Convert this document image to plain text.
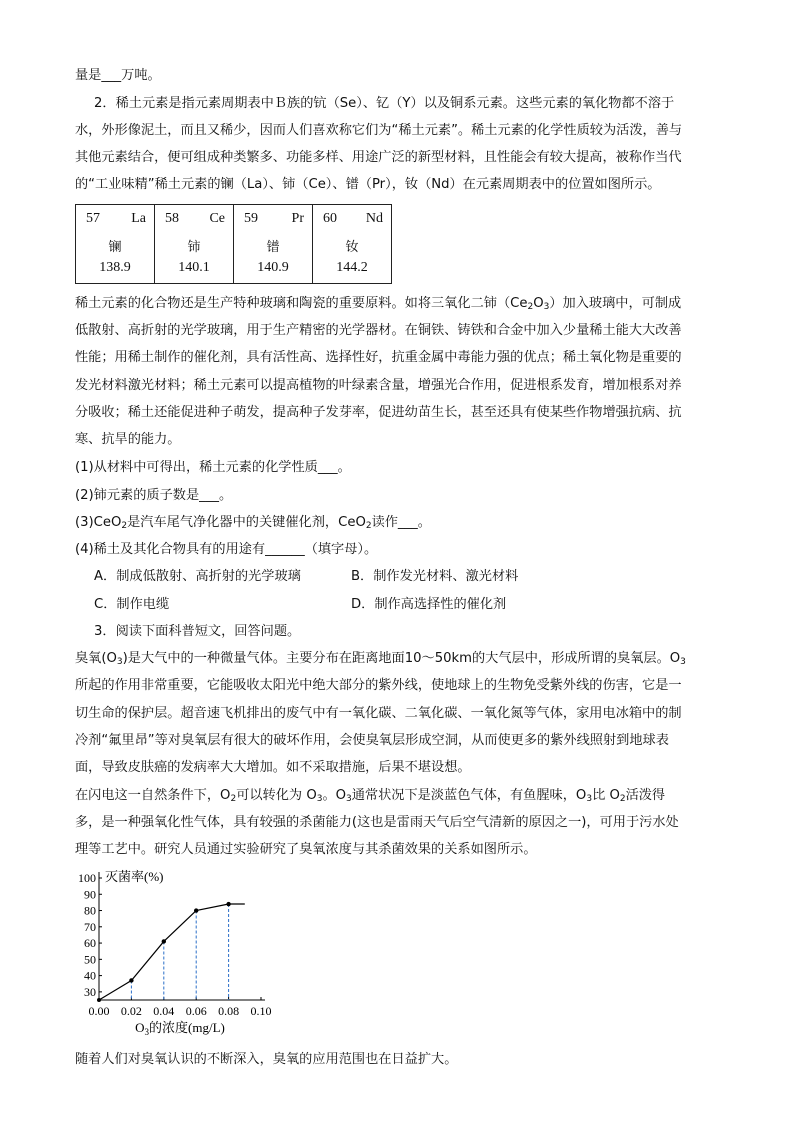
量是___万吨。
2．稀土元素是指元素周期表中Ｂ族的钪（Se）、钇（Y）以及铜系元素。这些元素的氧化物都不溶于
水，外形像泥土，而且又稀少，因而人们喜欢称它们为“稀土元素”。稀土元素的化学性质较为活泼，善与
其他元素结合，便可组成种类繁多、功能多样、用途广泛的新型材料，且性能会有较大提高，被称作当代
的“工业味精”稀土元素的镧（La）、铈（Ce）、镨（Pr），钕（Nd）在元素周期表中的位置如图所示。
57 La
镧
138.9

58 Ce
铈
140.1

59 Pr
镨
140.9

60 Nd
钕
144.2
稀土元素的化合物还是生产特种玻璃和陶瓷的重要原料。如将三氧化二铈$(Ce_2O_3)$加入玻璃中，可制成
低散射、高折射的光学玻璃，用于生产精密的光学器材。在铜铁、铸铁和合金中加入少量稀土能大大改善
性能；用稀土制作的催化剂，具有活性高、选择性好，抗重金属中毒能力强的优点；稀土氧化物是重要的
发光材料激光材料；稀土元素可以提高植物的叶绿素含量，增强光合作用，促进根系发育，增加根系对养
分吸收；稀土还能促进种子萌发，提高种子发芽率，促进幼苗生长，甚至还具有使某些作物增强抗病、抗
寒、抗旱的能力。
(1)从材料中可得出，稀土元素的化学性质___。
(2)铈元素的质子数是___。
(3)CeO$_2$是汽车尾气净化器中的关键催化剂，CeO$_2$读作___。
(4)稀土及其化合物具有的用途有______（填字母）。
A．制成低散射、高折射的光学玻璃	B．制作发光材料、激光材料
C．制作电缆	D．制作高选择性的催化剂
3．阅读下面科普短文，回答问题。
臭氧$(O_3)$是大气中的一种微量气体。主要分布在距离地面10～50km的大气层中，形成所谓的臭氧层。$O_3$
所起的作用非常重要，它能吸收太阳光中绝大部分的紫外线，使地球上的生物免受紫外线的伤害，它是一
切生命的保护层。超音速飞机排出的废气中有一氧化碳、二氧化碳、一氧化氮等气体，家用电冰箱中的制
冷剂“氟里昂”等对臭氧层有很大的破坏作用，会使臭氧层形成空洞，从而使更多的紫外线照射到地球表
面，导致皮肤癌的发病率大大增加。如不采取措施，后果不堪设想。
在闪电这一自然条件下，$O_2$可以转化为 $O_3$。$O_3$通常状况下是淡蓝色气体，有鱼腥味，$O_3$比 $O_2$活泼得
多，是一种强氧化性气体，具有较强的杀菌能力(这也是雷雨天气后空气清新的原因之一)，可用于污水处
理等工艺中。研究人员通过实验研究了臭氧浓度与其杀菌效果的关系如图所示。
30
40
50
60
70
80
90
100
0.00 0.02 0.04 0.06 0.08 0.10
灭菌率(%)
$O_3$的浓度(mg/L)
随着人们对臭氧认识的不断深入，臭氧的应用范围也在日益扩大。
